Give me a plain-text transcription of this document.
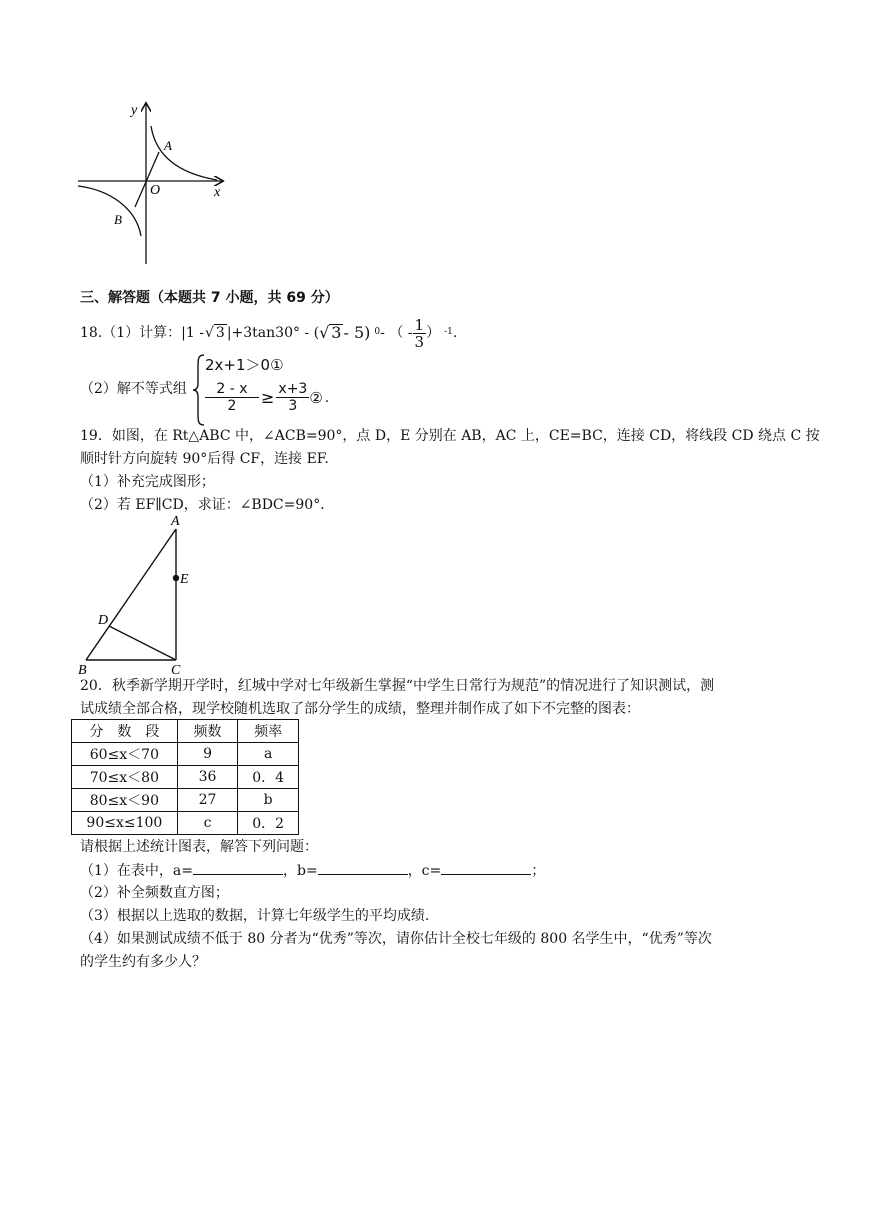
y
x
O
A
B
三、解答题（本题共 7 小题，共 69 分）
18.（1）计算： |1 - √ 3 |+3tan30° - ( √ 3 - 5) 0 - （ - $\frac{1}{3}$ ） -1 .
（2）解不等式组
2x+1＞0①
$\frac{2 - x}{2} \ge \frac{x+3}{3}$ ② .
19．如图，在 Rt△ABC 中，∠ACB=90°，点 D，E 分别在 AB，AC 上，CE=BC，连接 CD，将线段 CD 绕点 C 按
顺时针方向旋转 90°后得 CF，连接 EF.
（1）补充完成图形；
（2）若 EF∥CD，求证：∠BDC=90°．
A
E
D
B	C
20．秋季新学期开学时，红城中学对七年级新生掌握“中学生日常行为规范”的情况进行了知识测试，测
试成绩全部合格，现学校随机选取了部分学生的成绩，整理并制作成了如下不完整的图表：
分　数　段	频数	频率
60≤x＜70	9	a
70≤x＜80	36	0．4
80≤x＜90	27	b
90≤x≤100	c	0．2
请根据上述统计图表，解答下列问题：
（1）在表中，a=	，b=	，c=	；
（2）补全频数直方图；
（3）根据以上选取的数据，计算七年级学生的平均成绩.
（4）如果测试成绩不低于 80 分者为“优秀”等次，请你估计全校七年级的 800 名学生中，“优秀”等次
的学生约有多少人？
